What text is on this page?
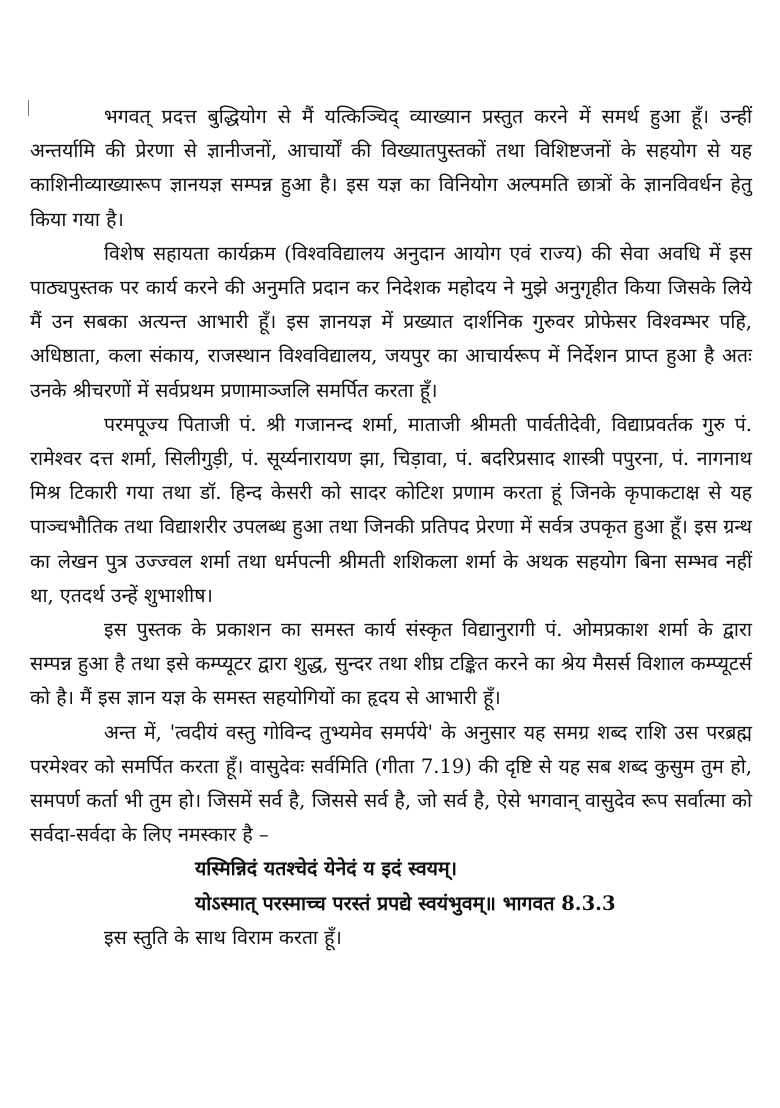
भगवत् प्रदत्त बुद्धियोग से मैं यत्किञ्चिद् व्याख्यान प्रस्तुत करने में समर्थ हुआ हूँ। उन्हीं अन्तर्यामि की प्रेरणा से ज्ञानीजनों, आचार्यों की विख्यातपुस्तकों तथा विशिष्टजनों के सहयोग से यह काशिनीव्याख्यारूप ज्ञानयज्ञ सम्पन्न हुआ है। इस यज्ञ का विनियोग अल्पमति छात्रों के ज्ञानविवर्धन हेतु किया गया है।

विशेष सहायता कार्यक्रम (विश्वविद्यालय अनुदान आयोग एवं राज्य) की सेवा अवधि में इस पाठ्यपुस्तक पर कार्य करने की अनुमति प्रदान कर निदेशक महोदय ने मुझे अनुगृहीत किया जिसके लिये मैं उन सबका अत्यन्त आभारी हूँ। इस ज्ञानयज्ञ में प्रख्यात दार्शनिक गुरुवर प्रोफेसर विश्वम्भर पहि, अधिष्ठाता, कला संकाय, राजस्थान विश्वविद्यालय, जयपुर का आचार्यरूप में निर्देशन प्राप्त हुआ है अतः उनके श्रीचरणों में सर्वप्रथम प्रणामाञ्जलि समर्पित करता हूँ।

परमपूज्य पिताजी पं. श्री गजानन्द शर्मा, माताजी श्रीमती पार्वतीदेवी, विद्याप्रवर्तक गुरु पं. रामेश्वर दत्त शर्मा, सिलीगुड़ी, पं. सूर्य्यनारायण झा, चिड़ावा, पं. बदरिप्रसाद शास्त्री पपुरना, पं. नागनाथ मिश्र टिकारी गया तथा डॉ. हिन्द केसरी को सादर कोटिश प्रणाम करता हूं जिनके कृपाकटाक्ष से यह पाञ्चभौतिक तथा विद्याशरीर उपलब्ध हुआ तथा जिनकी प्रतिपद प्रेरणा में सर्वत्र उपकृत हुआ हूँ। इस ग्रन्थ का लेखन पुत्र उज्ज्वल शर्मा तथा धर्मपत्नी श्रीमती शशिकला शर्मा के अथक सहयोग बिना सम्भव नहीं था, एतदर्थ उन्हें शुभाशीष।

इस पुस्तक के प्रकाशन का समस्त कार्य संस्कृत विद्यानुरागी पं. ओमप्रकाश शर्मा के द्वारा सम्पन्न हुआ है तथा इसे कम्प्यूटर द्वारा शुद्ध, सुन्दर तथा शीघ्र टङ्कित करने का श्रेय मैसर्स विशाल कम्प्यूटर्स को है। मैं इस ज्ञान यज्ञ के समस्त सहयोगियों का हृदय से आभारी हूँ।

अन्त में, 'त्वदीयं वस्तु गोविन्द तुभ्यमेव समर्पये' के अनुसार यह समग्र शब्द राशि उस परब्रह्म परमेश्वर को समर्पित करता हूँ। वासुदेवः सर्वमिति (गीता 7.19) की दृष्टि से यह सब शब्द कुसुम तुम हो, समपर्ण कर्ता भी तुम हो। जिसमें सर्व है, जिससे सर्व है, जो सर्व है, ऐसे भगवान् वासुदेव रूप सर्वात्मा को सर्वदा-सर्वदा के लिए नमस्कार है –

यस्मिन्निदं यतश्चेदं येनेदं य इदं स्वयम्।

योऽस्मात् परस्माच्च परस्तं प्रपद्ये स्वयंभुवम्॥ भागवत 8.3.3

इस स्तुति के साथ विराम करता हूँ।
